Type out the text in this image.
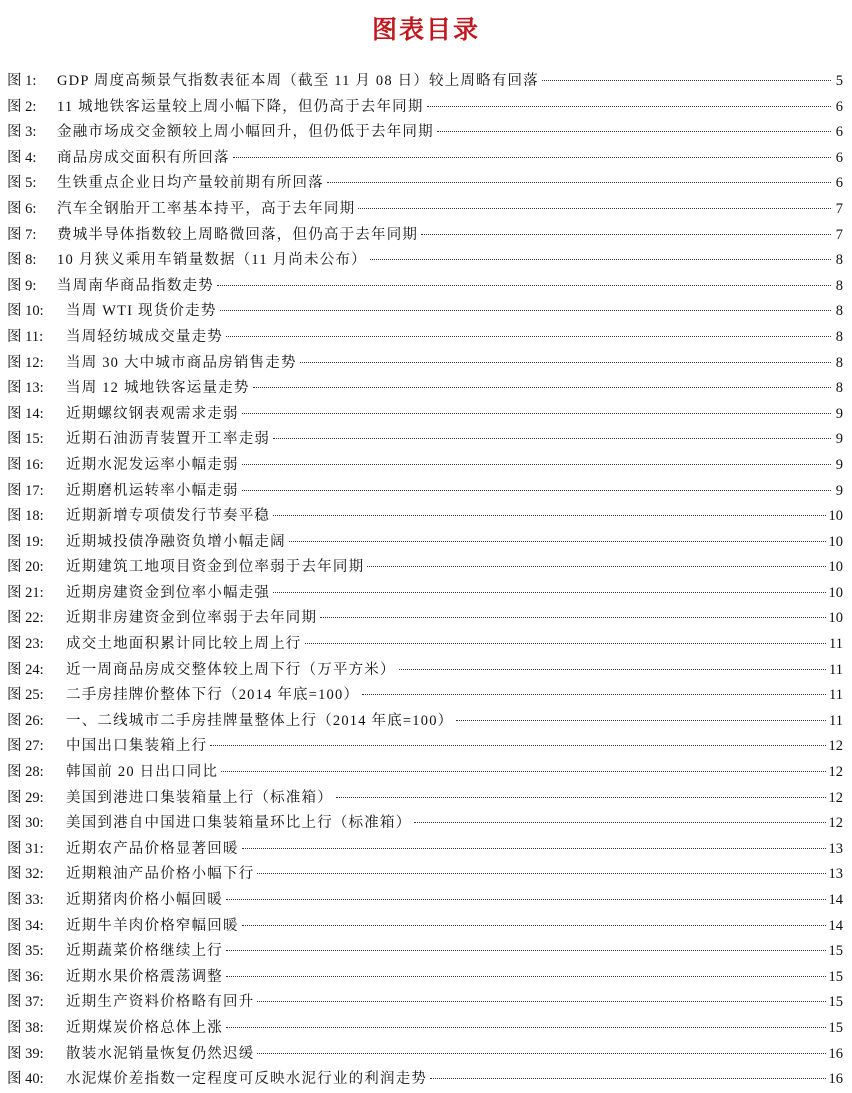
图表目录
图 1:	GDP 周度高频景气指数表征本周（截至 11 月 08 日）较上周略有回落	5
图 2:	11 城地铁客运量较上周小幅下降，但仍高于去年同期	6
图 3:	金融市场成交金额较上周小幅回升，但仍低于去年同期	6
图 4:	商品房成交面积有所回落	6
图 5:	生铁重点企业日均产量较前期有所回落	6
图 6:	汽车全钢胎开工率基本持平，高于去年同期	7
图 7:	费城半导体指数较上周略微回落，但仍高于去年同期	7
图 8:	10 月狭义乘用车销量数据（11 月尚未公布）	8
图 9:	当周南华商品指数走势	8
图 10:	当周 WTI 现货价走势	8
图 11:	当周轻纺城成交量走势	8
图 12:	当周 30 大中城市商品房销售走势	8
图 13:	当周 12 城地铁客运量走势	8
图 14:	近期螺纹钢表观需求走弱	9
图 15:	近期石油沥青装置开工率走弱	9
图 16:	近期水泥发运率小幅走弱	9
图 17:	近期磨机运转率小幅走弱	9
图 18:	近期新增专项债发行节奏平稳	10
图 19:	近期城投债净融资负增小幅走阔	10
图 20:	近期建筑工地项目资金到位率弱于去年同期	10
图 21:	近期房建资金到位率小幅走强	10
图 22:	近期非房建资金到位率弱于去年同期	10
图 23:	成交土地面积累计同比较上周上行	11
图 24:	近一周商品房成交整体较上周下行（万平方米）	11
图 25:	二手房挂牌价整体下行（2014 年底=100）	11
图 26:	一、二线城市二手房挂牌量整体上行（2014 年底=100）	11
图 27:	中国出口集装箱上行	12
图 28:	韩国前 20 日出口同比	12
图 29:	美国到港进口集装箱量上行（标准箱）	12
图 30:	美国到港自中国进口集装箱量环比上行（标准箱）	12
图 31:	近期农产品价格显著回暖	13
图 32:	近期粮油产品价格小幅下行	13
图 33:	近期猪肉价格小幅回暖	14
图 34:	近期牛羊肉价格窄幅回暖	14
图 35:	近期蔬菜价格继续上行	15
图 36:	近期水果价格震荡调整	15
图 37:	近期生产资料价格略有回升	15
图 38:	近期煤炭价格总体上涨	15
图 39:	散装水泥销量恢复仍然迟缓	16
图 40:	水泥煤价差指数一定程度可反映水泥行业的利润走势	16
